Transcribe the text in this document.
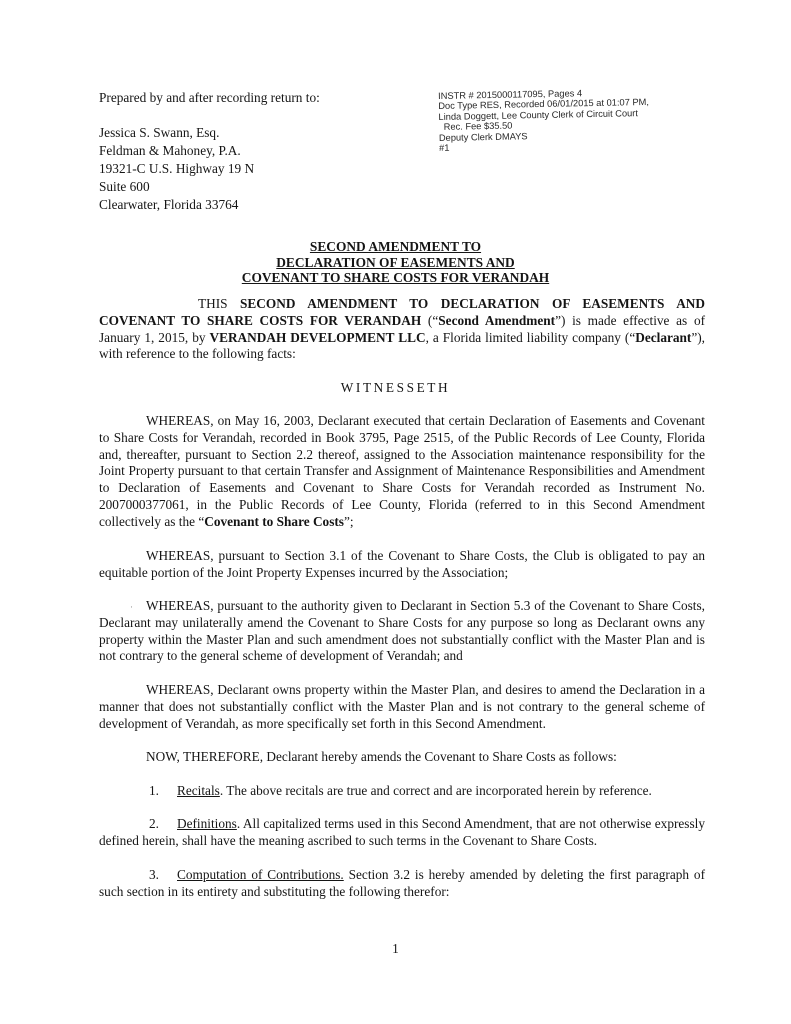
Prepared by and after recording return to:
Jessica S. Swann, Esq.
Feldman & Mahoney, P.A.
19321-C U.S. Highway 19 N
Suite 600
Clearwater, Florida 33764
INSTR # 2015000117095, Pages 4
Doc Type RES, Recorded 06/01/2015 at 01:07 PM,
Linda Doggett, Lee County Clerk of Circuit Court
Rec. Fee $35.50
Deputy Clerk DMAYS
#1
SECOND AMENDMENT TO
DECLARATION OF EASEMENTS AND
COVENANT TO SHARE COSTS FOR VERANDAH
THIS SECOND AMENDMENT TO DECLARATION OF EASEMENTS AND COVENANT TO SHARE COSTS FOR VERANDAH (“Second Amendment”) is made effective as of January 1, 2015, by VERANDAH DEVELOPMENT LLC, a Florida limited liability company (“Declarant”), with reference to the following facts:
WITNESSETH
WHEREAS, on May 16, 2003, Declarant executed that certain Declaration of Easements and Covenant to Share Costs for Verandah, recorded in Book 3795, Page 2515, of the Public Records of Lee County, Florida and, thereafter, pursuant to Section 2.2 thereof, assigned to the Association maintenance responsibility for the Joint Property pursuant to that certain Transfer and Assignment of Maintenance Responsibilities and Amendment to Declaration of Easements and Covenant to Share Costs for Verandah recorded as Instrument No. 2007000377061, in the Public Records of Lee County, Florida (referred to in this Second Amendment collectively as the “Covenant to Share Costs”;
WHEREAS, pursuant to Section 3.1 of the Covenant to Share Costs, the Club is obligated to pay an equitable portion of the Joint Property Expenses incurred by the Association;
· WHEREAS, pursuant to the authority given to Declarant in Section 5.3 of the Covenant to Share Costs, Declarant may unilaterally amend the Covenant to Share Costs for any purpose so long as Declarant owns any property within the Master Plan and such amendment does not substantially conflict with the Master Plan and is not contrary to the general scheme of development of Verandah; and
WHEREAS, Declarant owns property within the Master Plan, and desires to amend the Declaration in a manner that does not substantially conflict with the Master Plan and is not contrary to the general scheme of development of Verandah, as more specifically set forth in this Second Amendment.
NOW, THEREFORE, Declarant hereby amends the Covenant to Share Costs as follows:
1. Recitals. The above recitals are true and correct and are incorporated herein by reference.
2. Definitions. All capitalized terms used in this Second Amendment, that are not otherwise expressly defined herein, shall have the meaning ascribed to such terms in the Covenant to Share Costs.
3. Computation of Contributions. Section 3.2 is hereby amended by deleting the first paragraph of such section in its entirety and substituting the following therefor:
1
